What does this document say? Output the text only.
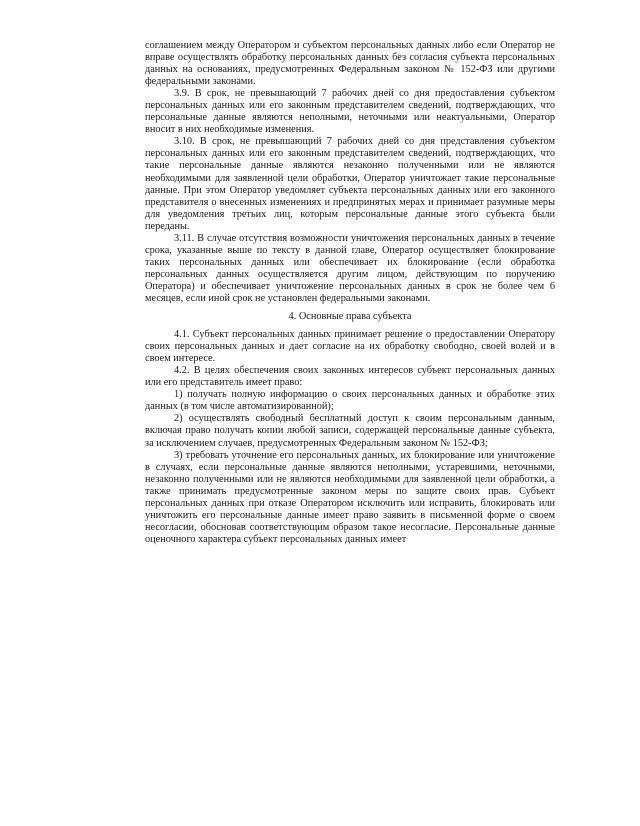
соглашением между Оператором и субъектом персональных данных либо если Оператор не вправе осуществлять обработку персональных данных без согласия субъекта персональных данных на основаниях, предусмотренных Федеральным законом № 152-ФЗ или другими федеральными законами.

3.9. В срок, не превышающий 7 рабочих дней со дня предоставления субъектом персональных данных или его законным представителем сведений, подтверждающих, что персональные данные являются неполными, неточными или неактуальными, Оператор вносит в них необходимые изменения.

3.10. В срок, не превышающий 7 рабочих дней со дня представления субъектом персональных данных или его законным представителем сведений, подтверждающих, что такие персональные данные являются незаконно полученными или не являются необходимыми для заявленной цели обработки, Оператор уничтожает такие персональные данные. При этом Оператор уведомляет субъекта персональных данных или его законного представителя о внесенных изменениях и предпринятых мерах и принимает разумные меры для уведомления третьих лиц, которым персональные данные этого субъекта были переданы.

3.11. В случае отсутствия возможности уничтожения персональных данных в течение срока, указанные выше по тексту в данной главе, Оператор осуществляет блокирование таких персональных данных или обеспечивает их блокирование (если обработка персональных данных осуществляется другим лицом, действующим по поручению Оператора) и обеспечивает уничтожение персональных данных в срок не более чем 6 месяцев, если иной срок не установлен федеральными законами.

4. Основные права субъекта

4.1. Субъект персональных данных принимает решение о предоставлении Оператору своих персональных данных и дает согласие на их обработку свободно, своей волей и в своем интересе.

4.2. В целях обеспечения своих законных интересов субъект персональных данных или его представитель имеет право:

1) получать полную информацию о своих персональных данных и обработке этих данных (в том числе автоматизированной);

2) осуществлять свободный бесплатный доступ к своим персональным данным, включая право получать копии любой записи, содержащей персональные данные субъекта, за исключением случаев, предусмотренных Федеральным законом № 152-ФЗ;

3) требовать уточнение его персональных данных, их блокирование или уничтожение в случаях, если персональные данные являются неполными, устаревшими, неточными, незаконно полученными или не являются необходимыми для заявленной цели обработки, а также принимать предусмотренные законом меры по защите своих прав. Субъект персональных данных при отказе Оператором исключить или исправить, блокировать или уничтожить его персональные данные имеет право заявить в письменной форме о своем несогласии, обосновав соответствующим образом такое несогласие. Персональные данные оценочного характера субъект персональных данных имеет
